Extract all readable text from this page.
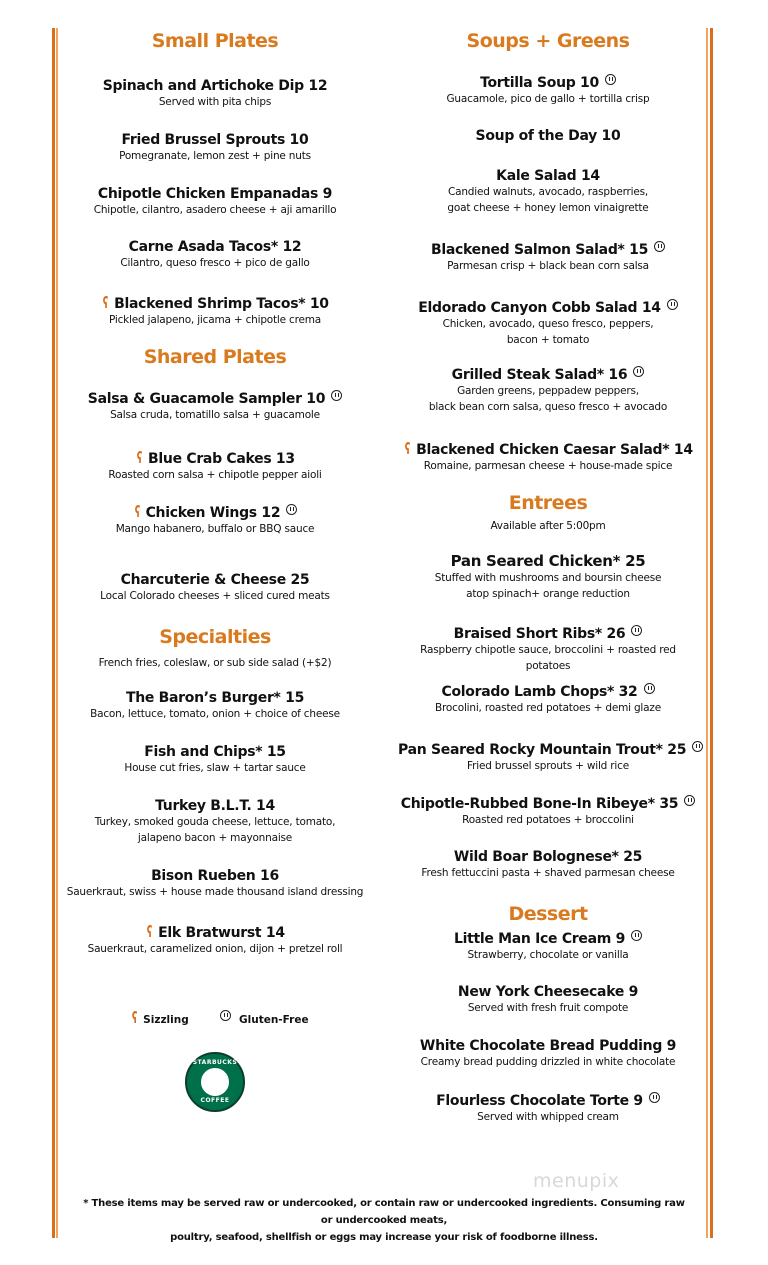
Small Plates
Spinach and Artichoke Dip 12
Served with pita chips
Fried Brussel Sprouts 10
Pomegranate, lemon zest + pine nuts
Chipotle Chicken Empanadas 9
Chipotle, cilantro, asadero cheese + aji amarillo
Carne Asada Tacos* 12
Cilantro, queso fresco + pico de gallo
ʕ Blackened Shrimp Tacos* 10
Pickled jalapeno, jicama + chipotle crema
Shared Plates
Salsa & Guacamole Sampler 10
Salsa cruda, tomatillo salsa + guacamole
ʕ Blue Crab Cakes 13
Roasted corn salsa + chipotle pepper aioli
ʕ Chicken Wings 12
Mango habanero, buffalo or BBQ sauce
Charcuterie & Cheese 25
Local Colorado cheeses + sliced cured meats
Specialties
French fries, coleslaw, or sub side salad (+$2)
The Baron’s Burger* 15
Bacon, lettuce, tomato, onion + choice of cheese
Fish and Chips* 15
House cut fries, slaw + tartar sauce
Turkey B.L.T. 14
Turkey, smoked gouda cheese, lettuce, tomato,
jalapeno bacon + mayonnaise
Bison Rueben 16
Sauerkraut, swiss + house made thousand island dressing
ʕ Elk Bratwurst 14
Sauerkraut, caramelized onion, dijon + pretzel roll
Soups + Greens
Tortilla Soup 10
Guacamole, pico de gallo + tortilla crisp
Soup of the Day 10
Kale Salad 14
Candied walnuts, avocado, raspberries,
goat cheese + honey lemon vinaigrette
Blackened Salmon Salad* 15
Parmesan crisp + black bean corn salsa
Eldorado Canyon Cobb Salad 14
Chicken, avocado, queso fresco, peppers,
bacon + tomato
Grilled Steak Salad* 16
Garden greens, peppadew peppers,
black bean corn salsa, queso fresco + avocado
ʕ Blackened Chicken Caesar Salad* 14
Romaine, parmesan cheese + house-made spice
Entrees
Available after 5:00pm
Pan Seared Chicken* 25
Stuffed with mushrooms and boursin cheese
atop spinach+ orange reduction
Braised Short Ribs* 26
Raspberry chipotle sauce, broccolini + roasted red potatoes
Colorado Lamb Chops* 32
Brocolini, roasted red potatoes + demi glaze
Pan Seared Rocky Mountain Trout* 25
Fried brussel sprouts + wild rice
Chipotle-Rubbed Bone-In Ribeye* 35
Roasted red potatoes + broccolini
Wild Boar Bolognese* 25
Fresh fettuccini pasta + shaved parmesan cheese
Dessert
Little Man Ice Cream 9
Strawberry, chocolate or vanilla
New York Cheesecake 9
Served with fresh fruit compote
White Chocolate Bread Pudding 9
Creamy bread pudding drizzled in white chocolate
Flourless Chocolate Torte 9
Served with whipped cream
ʕ Sizzling	Gluten-Free
STARBUCKS
COFFEE
menupix
* These items may be served raw or undercooked, or contain raw or undercooked ingredients. Consuming raw or undercooked meats,
poultry, seafood, shellfish or eggs may increase your risk of foodborne illness.
